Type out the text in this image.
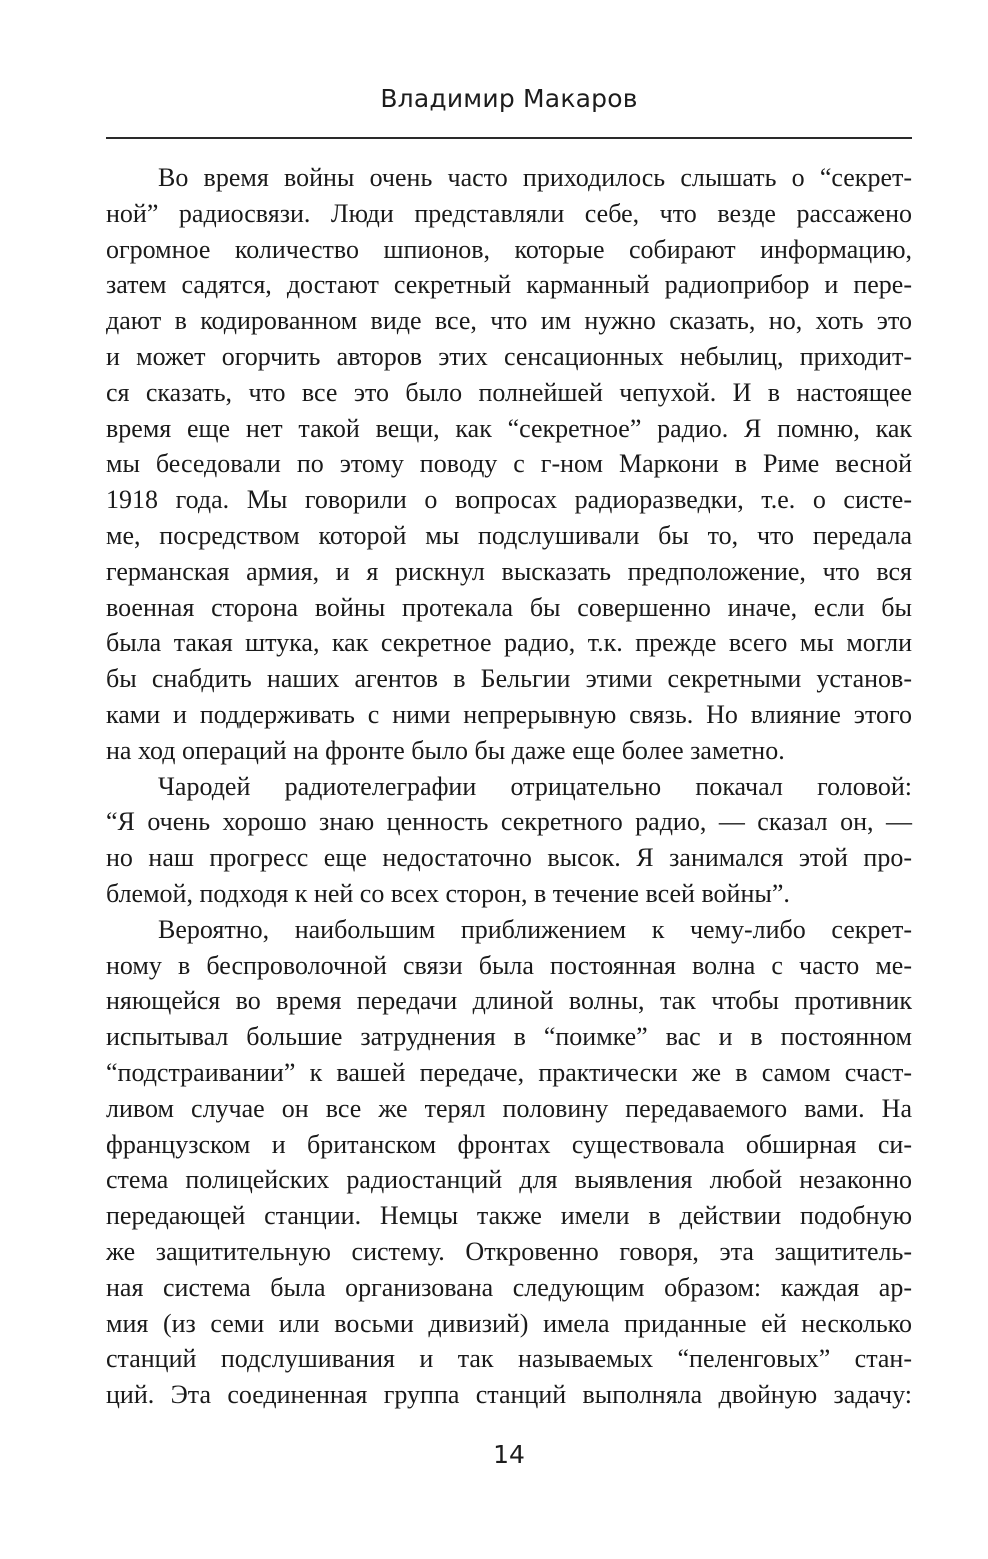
Владимир Макаров

Во время войны очень часто приходилось слышать о “секрет-
ной” радиосвязи. Люди представляли себе, что везде рассажено
огромное количество шпионов, которые собирают информацию,
затем садятся, достают секретный карманный радиоприбор и пере-
дают в кодированном виде все, что им нужно сказать, но, хоть это
и может огорчить авторов этих сенсационных небылиц, приходит-
ся сказать, что все это было полнейшей чепухой. И в настоящее
время еще нет такой вещи, как “секретное” радио. Я помню, как
мы беседовали по этому поводу с г-ном Маркони в Риме весной
1918 года. Мы говорили о вопросах радиоразведки, т.е. о систе-
ме, посредством которой мы подслушивали бы то, что передала
германская армия, и я рискнул высказать предположение, что вся
военная сторона войны протекала бы совершенно иначе, если бы
была такая штука, как секретное радио, т.к. прежде всего мы могли
бы снабдить наших агентов в Бельгии этими секретными установ-
ками и поддерживать с ними непрерывную связь. Но влияние этого
на ход операций на фронте было бы даже еще более заметно.

Чародей радиотелеграфии отрицательно покачал головой:
“Я очень хорошо знаю ценность секретного радио, — сказал он, —
но наш прогресс еще недостаточно высок. Я занимался этой про-
блемой, подходя к ней со всех сторон, в течение всей войны”.

Вероятно, наибольшим приближением к чему-либо секрет-
ному в беспроволочной связи была постоянная волна с часто ме-
няющейся во время передачи длиной волны, так чтобы противник
испытывал большие затруднения в “поимке” вас и в постоянном
“подстраивании” к вашей передаче, практически же в самом счаст-
ливом случае он все же терял половину передаваемого вами. На
французском и британском фронтах существовала обширная си-
стема полицейских радиостанций для выявления любой незаконно
передающей станции. Немцы также имели в действии подобную
же защитительную систему. Откровенно говоря, эта защититель-
ная система была организована следующим образом: каждая ар-
мия (из семи или восьми дивизий) имела приданные ей несколько
станций подслушивания и так называемых “пеленговых” стан-
ций. Эта соединенная группа станций выполняла двойную задачу:

14
